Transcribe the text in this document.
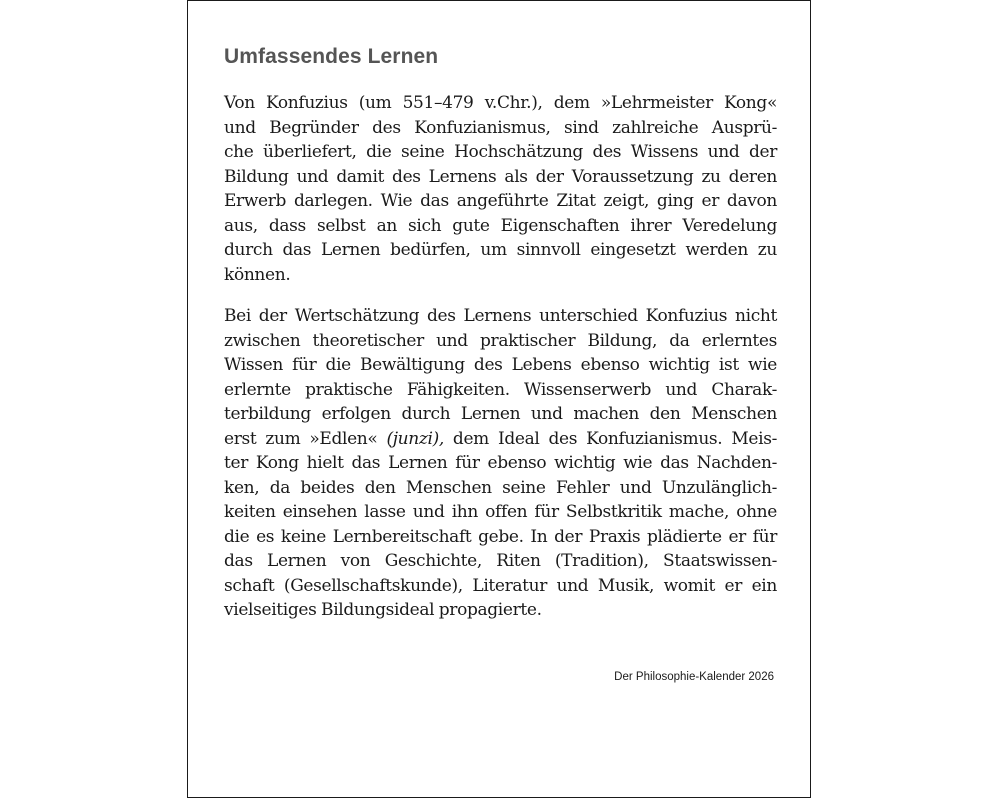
Umfassendes Lernen

Von Konfuzius (um 551–479 v.Chr.), dem »Lehrmeister Kong«
und Begründer des Konfuzianismus, sind zahlreiche Ausprü-
che überliefert, die seine Hochschätzung des Wissens und der
Bildung und damit des Lernens als der Voraussetzung zu deren
Erwerb darlegen. Wie das angeführte Zitat zeigt, ging er davon
aus, dass selbst an sich gute Eigenschaften ihrer Veredelung
durch das Lernen bedürfen, um sinnvoll eingesetzt werden zu
können.

Bei der Wertschätzung des Lernens unterschied Konfuzius nicht
zwischen theoretischer und praktischer Bildung, da erlerntes
Wissen für die Bewältigung des Lebens ebenso wichtig ist wie
erlernte praktische Fähigkeiten. Wissenserwerb und Charak-
terbildung erfolgen durch Lernen und machen den Menschen
erst zum »Edlen« (junzi), dem Ideal des Konfuzianismus. Meis-
ter Kong hielt das Lernen für ebenso wichtig wie das Nachden-
ken, da beides den Menschen seine Fehler und Unzulänglich-
keiten einsehen lasse und ihn offen für Selbstkritik mache, ohne
die es keine Lernbereitschaft gebe. In der Praxis plädierte er für
das Lernen von Geschichte, Riten (Tradition), Staatswissen-
schaft (Gesellschaftskunde), Literatur und Musik, womit er ein
vielseitiges Bildungsideal propagierte.

Der Philosophie-Kalender 2026
